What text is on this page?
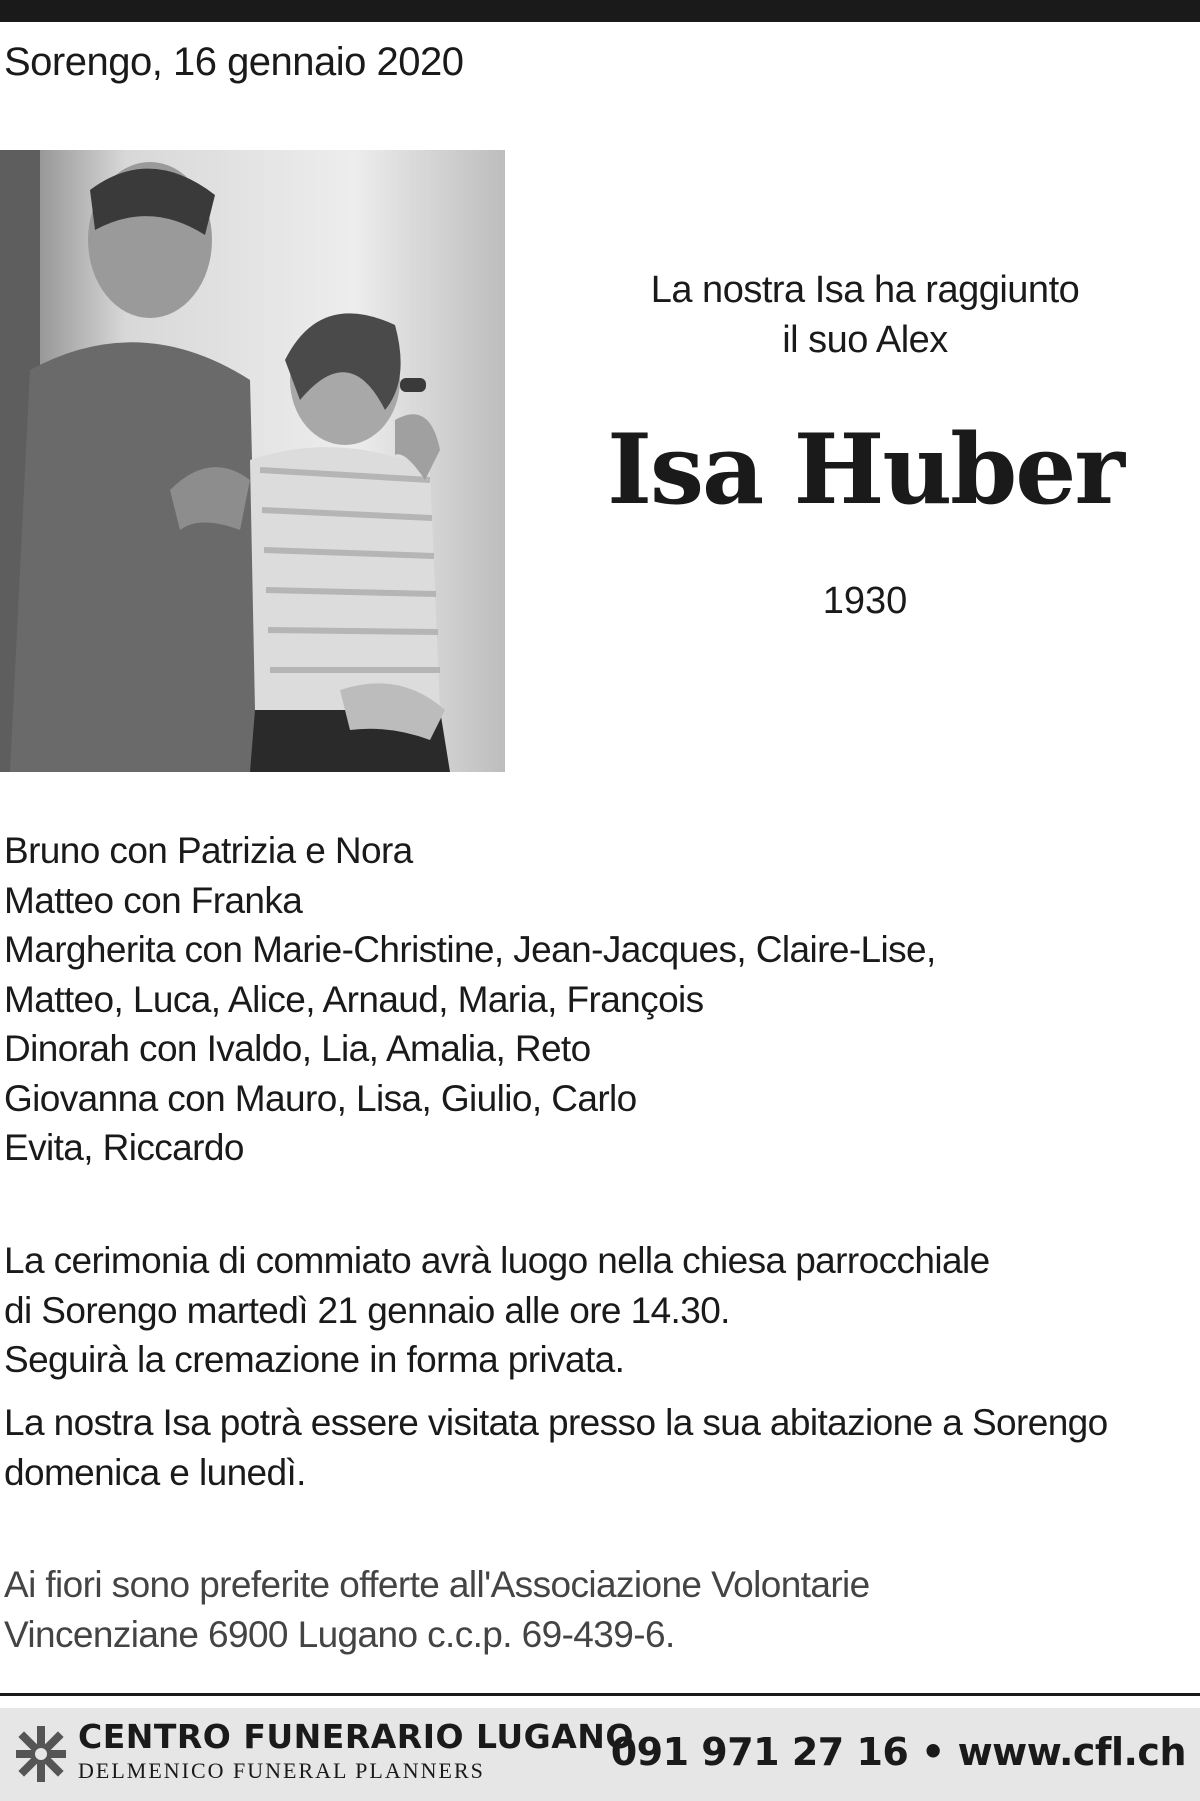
Sorengo, 16 gennaio 2020
La nostra Isa ha raggiunto
il suo Alex
Isa Huber
1930
Bruno con Patrizia e Nora
Matteo con Franka
Margherita con Marie-Christine, Jean-Jacques, Claire-Lise,
Matteo, Luca, Alice, Arnaud, Maria, François
Dinorah con Ivaldo, Lia, Amalia, Reto
Giovanna con Mauro, Lisa, Giulio, Carlo
Evita, Riccardo
La cerimonia di commiato avrà luogo nella chiesa parrocchiale
di Sorengo martedì 21 gennaio alle ore 14.30.
Seguirà la cremazione in forma privata.
La nostra Isa potrà essere visitata presso la sua abitazione a Sorengo
domenica e lunedì.
Ai fiori sono preferite offerte all'Associazione Volontarie
Vincenziane 6900 Lugano c.c.p. 69-439-6.
CENTRO FUNERARIO LUGANO
DELMENICO FUNERAL PLANNERS	091 971 27 16 • www.cfl.ch
